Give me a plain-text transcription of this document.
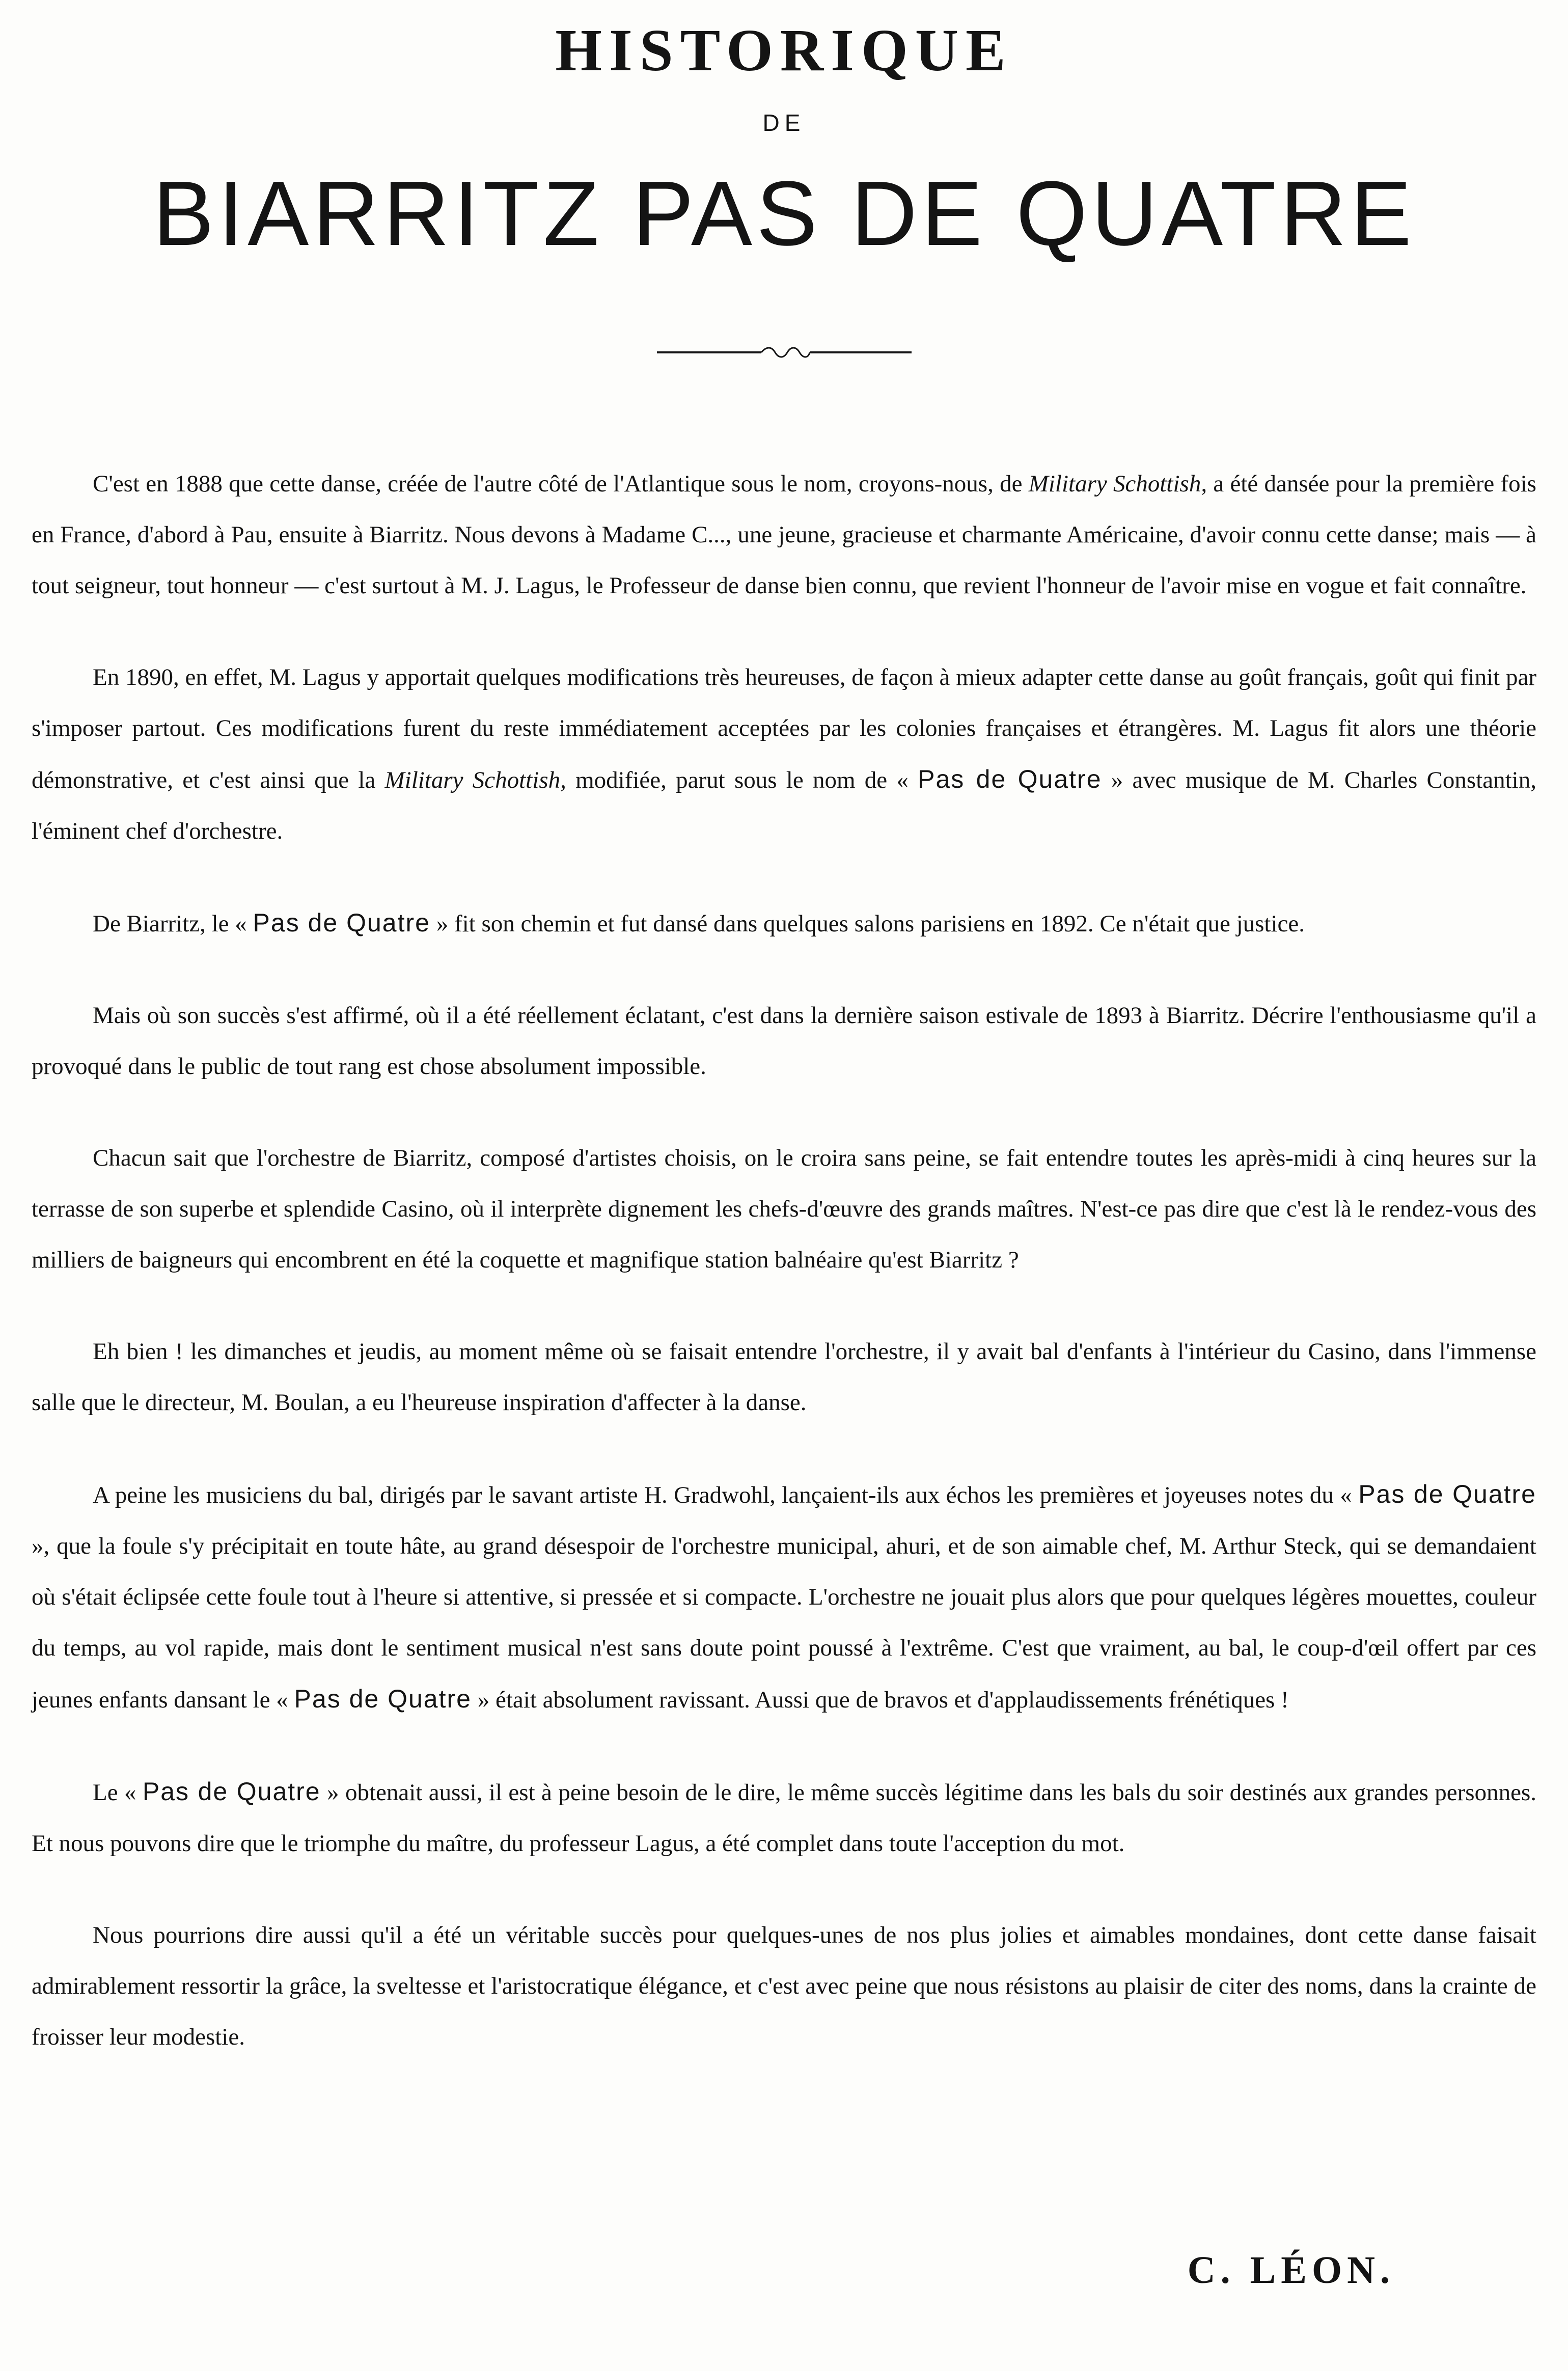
HISTORIQUE
DE
BIARRITZ PAS DE QUATRE

C'est en 1888 que cette danse, créée de l'autre côté de l'Atlantique sous le nom, croyons-nous, de Military Schottish, a été dansée pour la première fois en France, d'abord à Pau, ensuite à Biarritz. Nous devons à Madame C..., une jeune, gracieuse et charmante Américaine, d'avoir connu cette danse; mais — à tout seigneur, tout honneur — c'est surtout à M. J. Lagus, le Professeur de danse bien connu, que revient l'honneur de l'avoir mise en vogue et fait connaître.

En 1890, en effet, M. Lagus y apportait quelques modifications très heureuses, de façon à mieux adapter cette danse au goût français, goût qui finit par s'imposer partout. Ces modifications furent du reste immédiatement acceptées par les colonies françaises et étrangères. M. Lagus fit alors une théorie démonstrative, et c'est ainsi que la Military Schottish, modifiée, parut sous le nom de « Pas de Quatre » avec musique de M. Charles Constantin, l'éminent chef d'orchestre.

De Biarritz, le « Pas de Quatre » fit son chemin et fut dansé dans quelques salons parisiens en 1892. Ce n'était que justice.

Mais où son succès s'est affirmé, où il a été réellement éclatant, c'est dans la dernière saison estivale de 1893 à Biarritz. Décrire l'enthousiasme qu'il a provoqué dans le public de tout rang est chose absolument impossible.

Chacun sait que l'orchestre de Biarritz, composé d'artistes choisis, on le croira sans peine, se fait entendre toutes les après-midi à cinq heures sur la terrasse de son superbe et splendide Casino, où il interprète dignement les chefs-d'œuvre des grands maîtres. N'est-ce pas dire que c'est là le rendez-vous des milliers de baigneurs qui encombrent en été la coquette et magnifique station balnéaire qu'est Biarritz ?

Eh bien ! les dimanches et jeudis, au moment même où se faisait entendre l'orchestre, il y avait bal d'enfants à l'intérieur du Casino, dans l'immense salle que le directeur, M. Boulan, a eu l'heureuse inspiration d'affecter à la danse.

A peine les musiciens du bal, dirigés par le savant artiste H. Gradwohl, lançaient-ils aux échos les premières et joyeuses notes du « Pas de Quatre », que la foule s'y précipitait en toute hâte, au grand désespoir de l'orchestre municipal, ahuri, et de son aimable chef, M. Arthur Steck, qui se demandaient où s'était éclipsée cette foule tout à l'heure si attentive, si pressée et si compacte. L'orchestre ne jouait plus alors que pour quelques légères mouettes, couleur du temps, au vol rapide, mais dont le sentiment musical n'est sans doute point poussé à l'extrême. C'est que vraiment, au bal, le coup-d'œil offert par ces jeunes enfants dansant le « Pas de Quatre » était absolument ravissant. Aussi que de bravos et d'applaudissements frénétiques !

Le « Pas de Quatre » obtenait aussi, il est à peine besoin de le dire, le même succès légitime dans les bals du soir destinés aux grandes personnes. Et nous pouvons dire que le triomphe du maître, du professeur Lagus, a été complet dans toute l'acception du mot.

Nous pourrions dire aussi qu'il a été un véritable succès pour quelques-unes de nos plus jolies et aimables mondaines, dont cette danse faisait admirablement ressortir la grâce, la sveltesse et l'aristocratique élégance, et c'est avec peine que nous résistons au plaisir de citer des noms, dans la crainte de froisser leur modestie.

C. LÉON.
